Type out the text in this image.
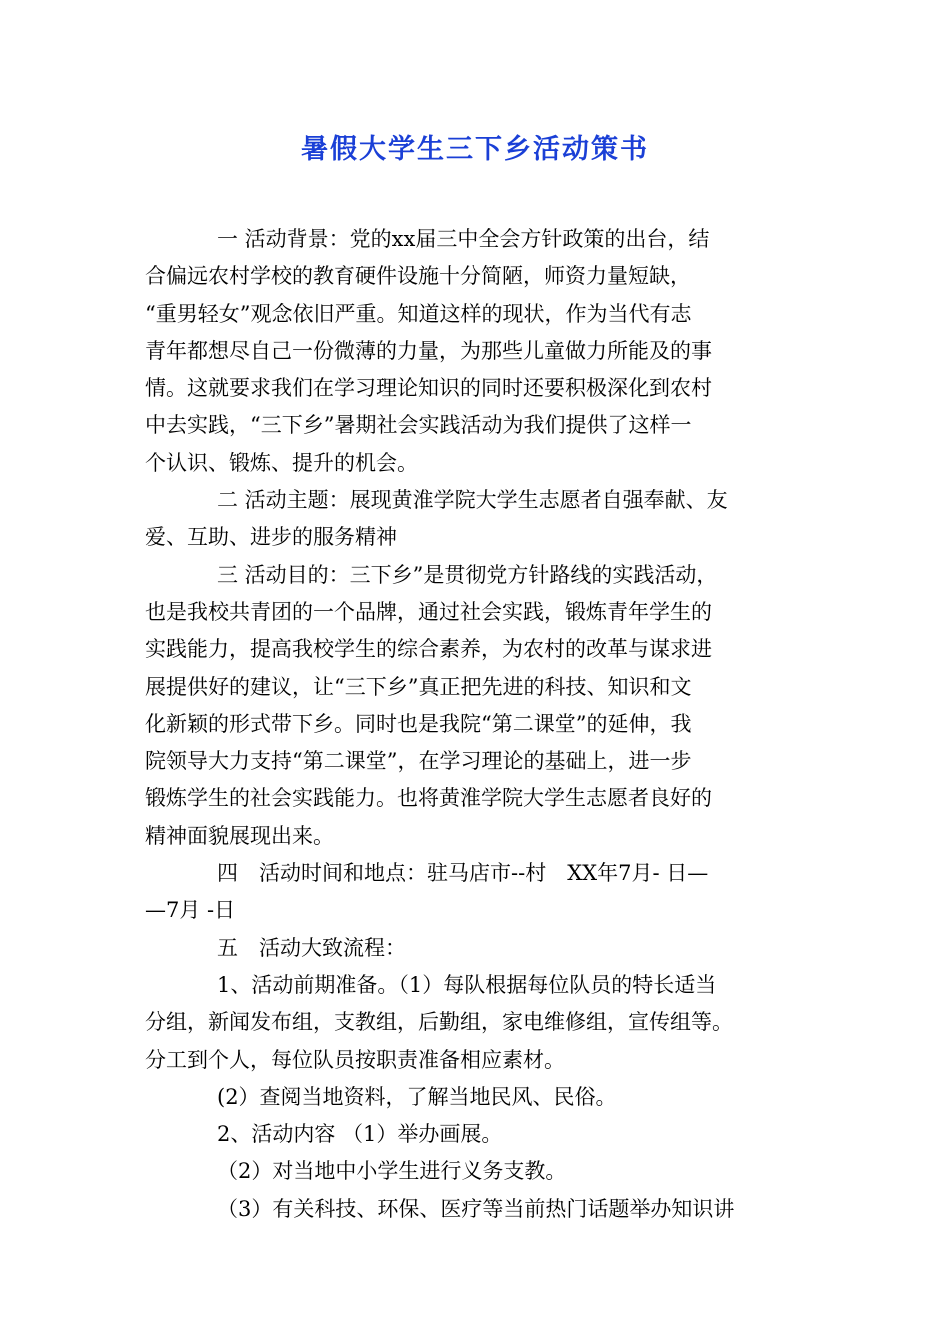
暑假大学生三下乡活动策书
一 活动背景：党的xx届三中全会方针政策的出台，结
合偏远农村学校的教育硬件设施十分简陋，师资力量短缺，
“重男轻女”观念依旧严重。知道这样的现状，作为当代有志
青年都想尽自己一份微薄的力量，为那些儿童做力所能及的事
情。这就要求我们在学习理论知识的同时还要积极深化到农村
中去实践，“三下乡”暑期社会实践活动为我们提供了这样一
个认识、锻炼、提升的机会。
二 活动主题：展现黄淮学院大学生志愿者自强奉献、友
爱、互助、进步的服务精神
三 活动目的：三下乡”是贯彻党方针路线的实践活动，
也是我校共青团的一个品牌，通过社会实践，锻炼青年学生的
实践能力，提高我校学生的综合素养，为农村的改革与谋求进
展提供好的建议，让“三下乡”真正把先进的科技、知识和文
化新颖的形式带下乡。同时也是我院“第二课堂”的延伸，我
院领导大力支持“第二课堂”，在学习理论的基础上，进一步
锻炼学生的社会实践能力。也将黄淮学院大学生志愿者良好的
精神面貌展现出来。
四　活动时间和地点：驻马店市--村　XX年7月- 日—
—7月 -日
五　活动大致流程：
1、活动前期准备。（1）每队根据每位队员的特长适当
分组，新闻发布组，支教组，后勤组，家电维修组，宣传组等。
分工到个人，每位队员按职责准备相应素材。
(2）查阅当地资料，了解当地民风、民俗。
2、活动内容 （1）举办画展。
（2）对当地中小学生进行义务支教。
（3）有关科技、环保、医疗等当前热门话题举办知识讲
